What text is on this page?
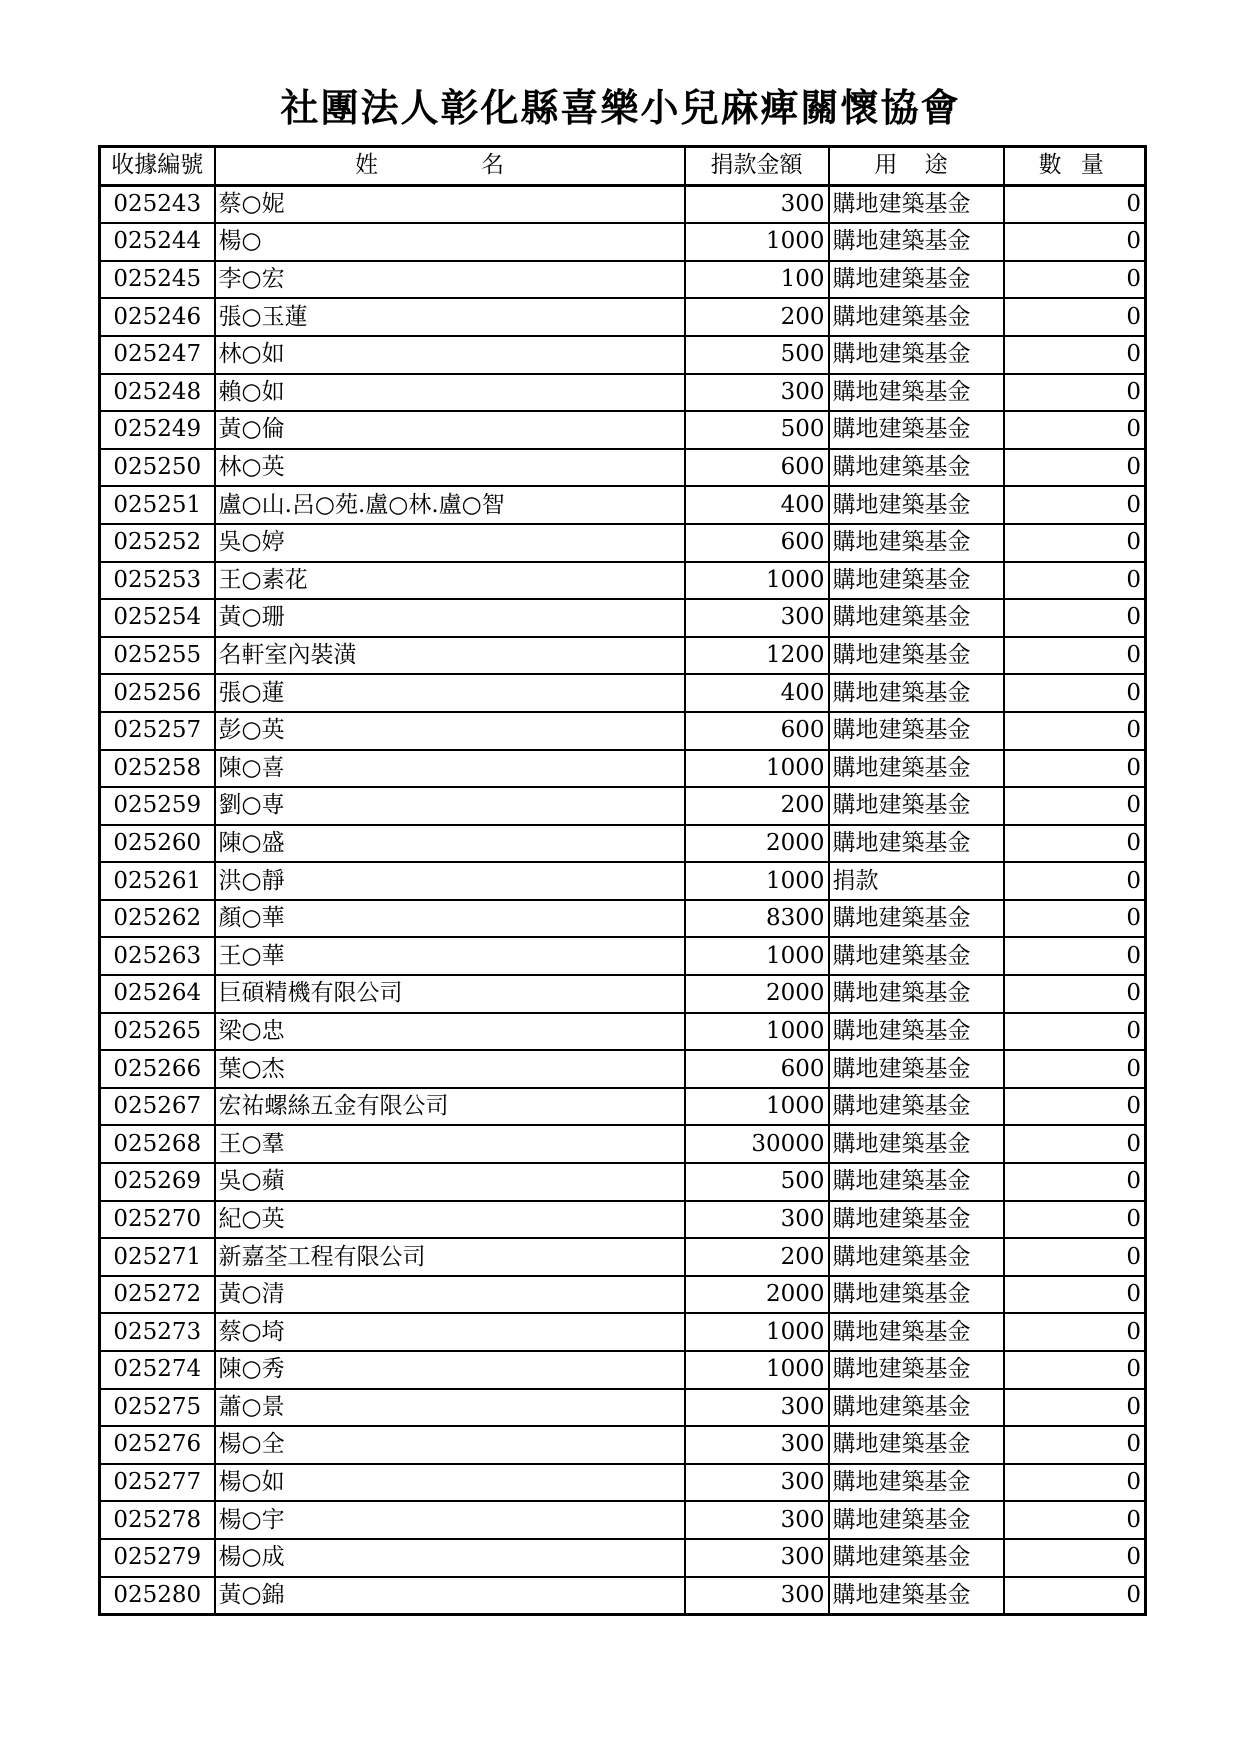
社團法人彰化縣喜樂小兒麻痺關懷協會
收據編號	姓　名	捐款金額	用 途	數 量
025243	蔡○妮	300	購地建築基金	0
025244	楊○	1000	購地建築基金	0
025245	李○宏	100	購地建築基金	0
025246	張○玉蓮	200	購地建築基金	0
025247	林○如	500	購地建築基金	0
025248	賴○如	300	購地建築基金	0
025249	黃○倫	500	購地建築基金	0
025250	林○英	600	購地建築基金	0
025251	盧○山.呂○苑.盧○林.盧○智	400	購地建築基金	0
025252	吳○婷	600	購地建築基金	0
025253	王○素花	1000	購地建築基金	0
025254	黃○珊	300	購地建築基金	0
025255	名軒室內裝潢	1200	購地建築基金	0
025256	張○蓮	400	購地建築基金	0
025257	彭○英	600	購地建築基金	0
025258	陳○喜	1000	購地建築基金	0
025259	劉○専	200	購地建築基金	0
025260	陳○盛	2000	購地建築基金	0
025261	洪○靜	1000	捐款	0
025262	顏○華	8300	購地建築基金	0
025263	王○華	1000	購地建築基金	0
025264	巨碩精機有限公司	2000	購地建築基金	0
025265	梁○忠	1000	購地建築基金	0
025266	葉○杰	600	購地建築基金	0
025267	宏祐螺絲五金有限公司	1000	購地建築基金	0
025268	王○羣	30000	購地建築基金	0
025269	吳○蘋	500	購地建築基金	0
025270	紀○英	300	購地建築基金	0
025271	新嘉荃工程有限公司	200	購地建築基金	0
025272	黃○清	2000	購地建築基金	0
025273	蔡○埼	1000	購地建築基金	0
025274	陳○秀	1000	購地建築基金	0
025275	蕭○景	300	購地建築基金	0
025276	楊○全	300	購地建築基金	0
025277	楊○如	300	購地建築基金	0
025278	楊○宇	300	購地建築基金	0
025279	楊○成	300	購地建築基金	0
025280	黃○錦	300	購地建築基金	0
